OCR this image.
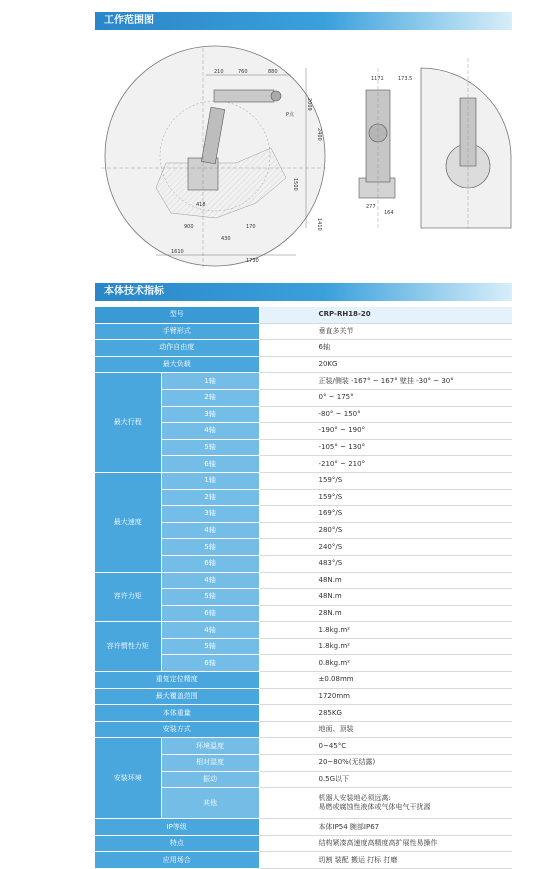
工作范围图
210	760	880
P点
1610
1730
2009
2400
1500
1410
900
430
170
418
1171	173.5
277
164
本体技术指标
型号		CRP-RH18-20
手臂形式		垂直多关节
动作自由度		6轴
最大负载		20KG
最大行程	1轴	正装/侧装 -167° ~ 167° 壁挂 -30° ~ 30°
	2轴	0° ~ 175°
	3轴	-80° ~ 150°
	4轴	-190° ~ 190°
	5轴	-105° ~ 130°
	6轴	-210° ~ 210°
最大速度	1轴	159°/S
	2轴	159°/S
	3轴	169°/S
	4轴	280°/S
	5轴	240°/S
	6轴	483°/S
容许力矩	4轴	48N.m
	5轴	48N.m
	6轴	28N.m
容许惯性力矩	4轴	1.8kg.m²
	5轴	1.8kg.m²
	6轴	0.8kg.m²
重复定位精度		±0.08mm
最大覆盖范围		1720mm
本体重量		285KG
安装方式		地面、顶装
安装环境	环境温度	0~45°C
	相对湿度	20~80%(无结露)
	振动	0.5G以下
	其他	机器人安装地必须远离:
易燃或腐蚀性液体或气体电气干扰源

IP等级		本体IP54 腕部IP67
特点		结构紧凑高速度高精度高扩展性易操作
应用场合		切割 装配 搬运 打标 打磨
